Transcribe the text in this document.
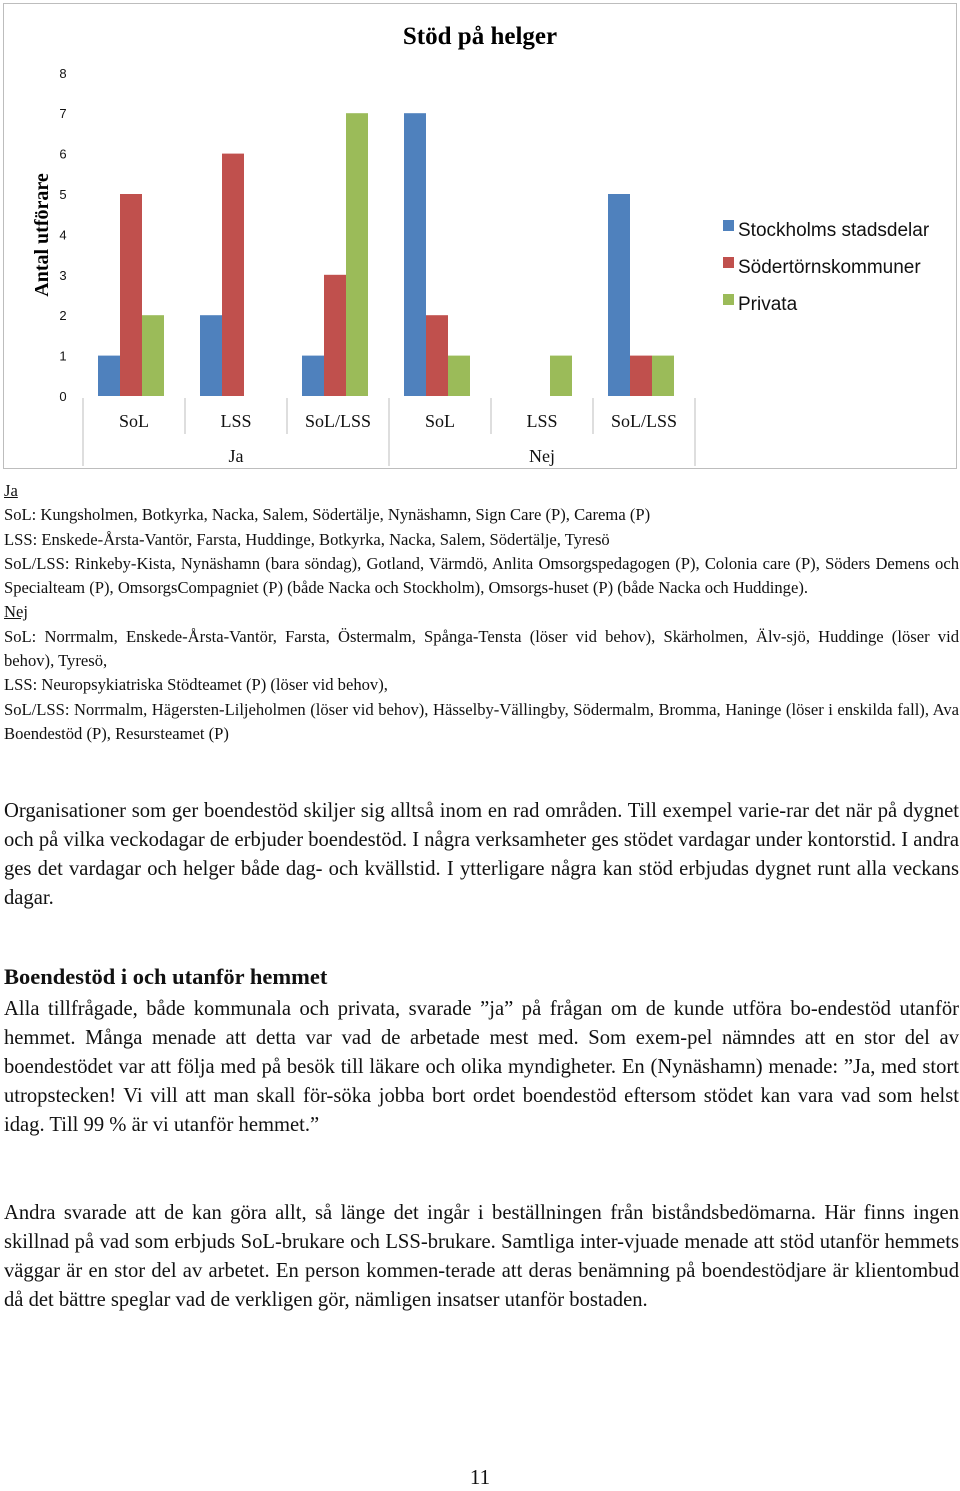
Stöd på helger
Antal utförare
0
1
2
3
4
5
6
7
8
SoL	LSS	SoL/LSS	SoL	LSS	SoL/LSS
Ja	Nej
Stockholms stadsdelar
Södertörnskommuner
Privata

Ja

SoL: Kungsholmen, Botkyrka, Nacka, Salem, Södertälje, Nynäshamn, Sign Care (P), Carema (P)

LSS: Enskede-Årsta-Vantör, Farsta, Huddinge, Botkyrka, Nacka, Salem, Södertälje, Tyresö

SoL/LSS: Rinkeby-Kista, Nynäshamn (bara söndag), Gotland, Värmdö, Anlita Omsorgspedagogen (P), Colonia care (P), Söders Demens och Specialteam (P), OmsorgsCompagniet (P) (både Nacka och Stockholm), Omsorgs-huset (P) (både Nacka och Huddinge).

Nej

SoL: Norrmalm, Enskede-Årsta-Vantör, Farsta, Östermalm, Spånga-Tensta (löser vid behov), Skärholmen, Älv-sjö, Huddinge (löser vid behov), Tyresö,

LSS: Neuropsykiatriska Stödteamet (P) (löser vid behov),

SoL/LSS: Norrmalm, Hägersten-Liljeholmen (löser vid behov), Hässelby-Vällingby, Södermalm, Bromma, Haninge (löser i enskilda fall), Ava Boendestöd (P), Resursteamet (P)

Organisationer som ger boendestöd skiljer sig alltså inom en rad områden. Till exempel varie-rar det när på dygnet och på vilka veckodagar de erbjuder boendestöd. I några verksamheter ges stödet vardagar under kontorstid. I andra ges det vardagar och helger både dag- och kvällstid. I ytterligare några kan stöd erbjudas dygnet runt alla veckans dagar.

Boendestöd i och utanför hemmet

Alla tillfrågade, både kommunala och privata, svarade ”ja” på frågan om de kunde utföra bo-endestöd utanför hemmet. Många menade att detta var vad de arbetade mest med. Som exem-pel nämndes att en stor del av boendestödet var att följa med på besök till läkare och olika myndigheter. En (Nynäshamn) menade: ”Ja, med stort utropstecken! Vi vill att man skall för-söka jobba bort ordet boendestöd eftersom stödet kan vara vad som helst idag. Till 99 % är vi utanför hemmet.”

Andra svarade att de kan göra allt, så länge det ingår i beställningen från biståndsbedömarna. Här finns ingen skillnad på vad som erbjuds SoL-brukare och LSS-brukare. Samtliga inter-vjuade menade att stöd utanför hemmets väggar är en stor del av arbetet. En person kommen-terade att deras benämning på boendestödjare är klientombud då det bättre speglar vad de verkligen gör, nämligen insatser utanför bostaden.

11
